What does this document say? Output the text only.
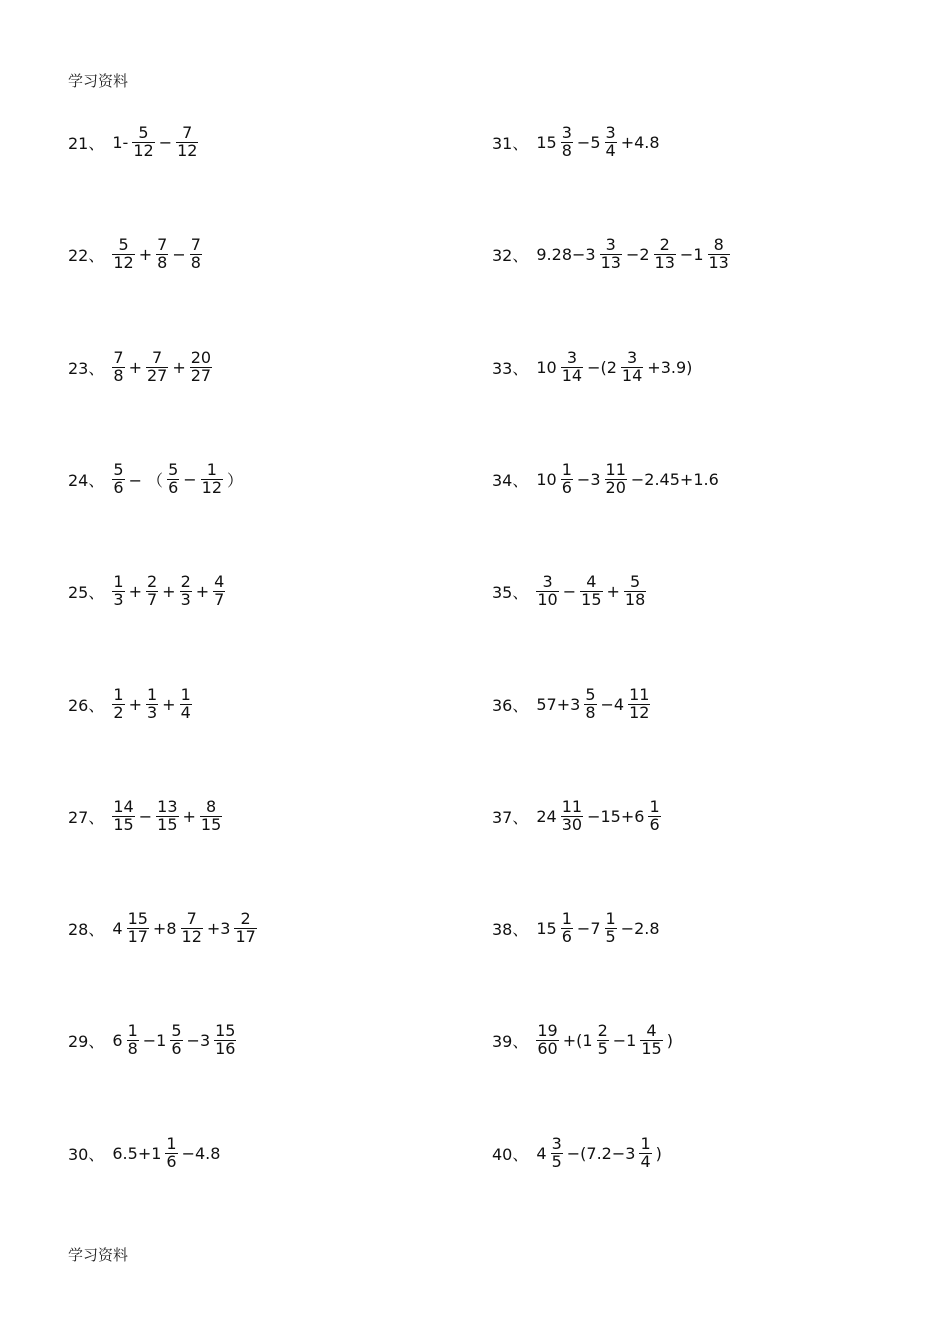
学习资料
21、 $1- \frac{5}{12} - \frac{7}{12}$
22、 $\frac{5}{12} + \frac{7}{8} - \frac{7}{8}$
23、 $\frac{7}{8} + \frac{7}{27} + \frac{20}{27}$
24、 $\frac{5}{6}$ − （ $\frac{5}{6} - \frac{1}{12}$ ）
25、 $\frac{1}{3} + \frac{2}{7} + \frac{2}{3} + \frac{4}{7}$
26、 $\frac{1}{2} + \frac{1}{3} + \frac{1}{4}$
27、 $\frac{14}{15} - \frac{13}{15} + \frac{8}{15}$
28、 $4 \frac{15}{17} +8 \frac{7}{12} +3 \frac{2}{17}$
29、 $6 \frac{1}{8} -1 \frac{5}{6} -3 \frac{15}{16}$
30、 $6.5+1 \frac{1}{6} -4.8$
31、 $15 \frac{3}{8} -5 \frac{3}{4} +4.8$
32、 $9.28-3 \frac{3}{13} -2 \frac{2}{13} -1 \frac{8}{13}$
33、 $10 \frac{3}{14} -(2 \frac{3}{14} +3.9)$
34、 $10 \frac{1}{6} -3 \frac{11}{20} -2.45+1.6$
35、 $\frac{3}{10} - \frac{4}{15} + \frac{5}{18}$
36、 $57+3 \frac{5}{8} -4 \frac{11}{12}$
37、 $24 \frac{11}{30} -15+6 \frac{1}{6}$
38、 $15 \frac{1}{6} -7 \frac{1}{5} -2.8$
39、 $\frac{19}{60} +(1 \frac{2}{5} -1 \frac{4}{15}$ )
40、 $4 \frac{3}{5} -(7.2-3 \frac{1}{4}$ )
学习资料
